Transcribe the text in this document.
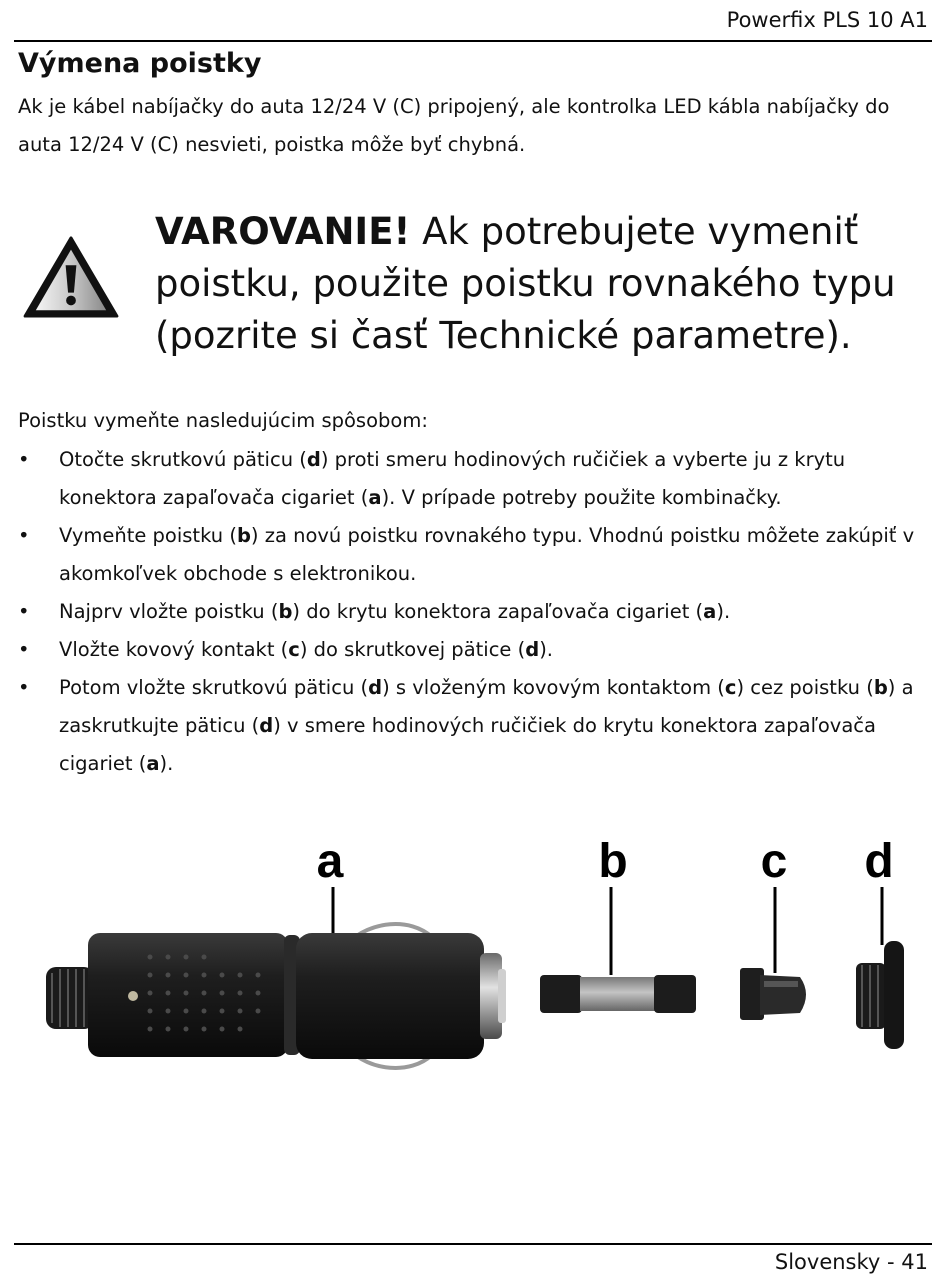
Powerfix PLS 10 A1
Výmena poistky

Ak je kábel nabíjačky do auta 12/24 V (C) pripojený, ale kontrolka LED kábla nabíjačky do auta 12/24 V (C) nesvieti, poistka môže byť chybná.

VAROVANIE! Ak potrebujete vymeniť poistku, použite poistku rovnakého typu (pozrite si časť Technické parametre).

Poistku vymeňte nasledujúcim spôsobom:

• Otočte skrutkovú päticu (d) proti smeru hodinových ručičiek a vyberte ju z krytu konektora zapaľovača cigariet (a). V prípade potreby použite kombinačky.
• Vymeňte poistku (b) za novú poistku rovnakého typu. Vhodnú poistku môžete zakúpiť v akomkoľvek obchode s elektronikou.
• Najprv vložte poistku (b) do krytu konektora zapaľovača cigariet (a).
• Vložte kovový kontakt (c) do skrutkovej pätice (d).
• Potom vložte skrutkovú päticu (d) s vloženým kovovým kontaktom (c) cez poistku (b) a zaskrutkujte päticu (d) v smere hodinových ručičiek do krytu konektora zapaľovača cigariet (a).
a	b	c d
Slovensky - 41
